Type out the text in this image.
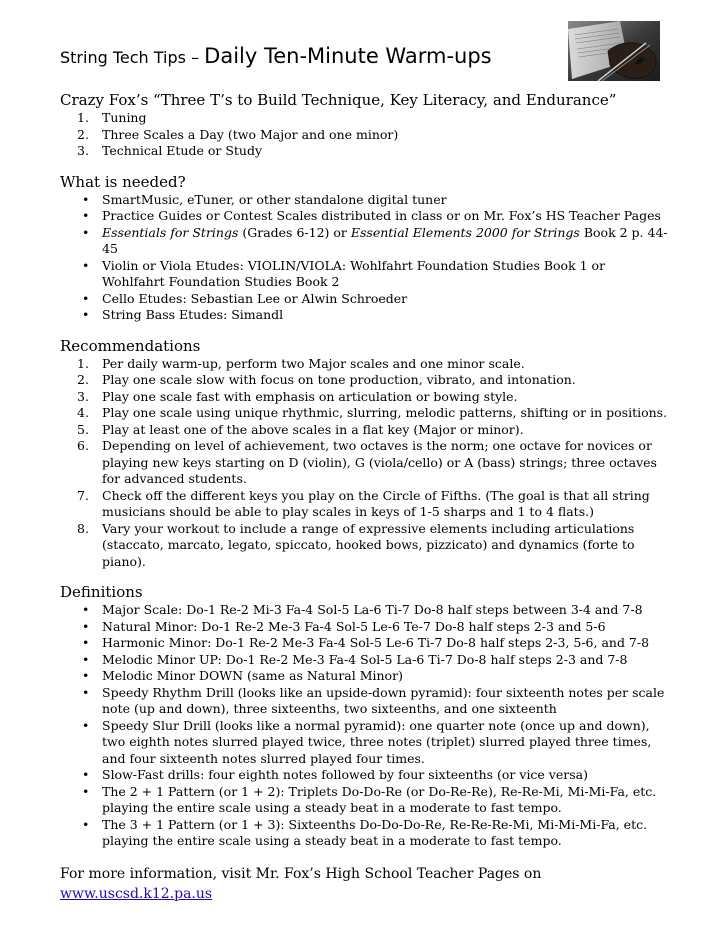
String Tech Tips – Daily Ten-Minute Warm-ups

Crazy Fox’s “Three T’s to Build Technique, Key Literacy, and Endurance”

1.	Tuning
2.	Three Scales a Day (two Major and one minor)
3.	Technical Etude or Study

What is needed?

• SmartMusic, eTuner, or other standalone digital tuner
• Practice Guides or Contest Scales distributed in class or on Mr. Fox’s HS Teacher Pages
• Essentials for Strings (Grades 6-12) or Essential Elements 2000 for Strings Book 2 p. 44-45
• Violin or Viola Etudes: VIOLIN/VIOLA: Wohlfahrt Foundation Studies Book 1 or Wohlfahrt Foundation Studies Book 2
• Cello Etudes: Sebastian Lee or Alwin Schroeder
• String Bass Etudes: Simandl

Recommendations

1.	Per daily warm-up, perform two Major scales and one minor scale.
2.	Play one scale slow with focus on tone production, vibrato, and intonation.
3.	Play one scale fast with emphasis on articulation or bowing style.
4.	Play one scale using unique rhythmic, slurring, melodic patterns, shifting or in positions.
5.	Play at least one of the above scales in a flat key (Major or minor).
6.	Depending on level of achievement, two octaves is the norm; one octave for novices or playing new keys starting on D (violin), G (viola/cello) or A (bass) strings; three octaves for advanced students.
7.	Check off the different keys you play on the Circle of Fifths. (The goal is that all string musicians should be able to play scales in keys of 1-5 sharps and 1 to 4 flats.)
8.	Vary your workout to include a range of expressive elements including articulations (staccato, marcato, legato, spiccato, hooked bows, pizzicato) and dynamics (forte to piano).

Definitions

• Major Scale: Do-1 Re-2 Mi-3 Fa-4 Sol-5 La-6 Ti-7 Do-8 half steps between 3-4 and 7-8
• Natural Minor: Do-1 Re-2 Me-3 Fa-4 Sol-5 Le-6 Te-7 Do-8 half steps 2-3 and 5-6
• Harmonic Minor: Do-1 Re-2 Me-3 Fa-4 Sol-5 Le-6 Ti-7 Do-8 half steps 2-3, 5-6, and 7-8
• Melodic Minor UP: Do-1 Re-2 Me-3 Fa-4 Sol-5 La-6 Ti-7 Do-8 half steps 2-3 and 7-8
• Melodic Minor DOWN (same as Natural Minor)
• Speedy Rhythm Drill (looks like an upside-down pyramid): four sixteenth notes per scale note (up and down), three sixteenths, two sixteenths, and one sixteenth
• Speedy Slur Drill (looks like a normal pyramid): one quarter note (once up and down), two eighth notes slurred played twice, three notes (triplet) slurred played three times, and four sixteenth notes slurred played four times.
• Slow-Fast drills: four eighth notes followed by four sixteenths (or vice versa)
• The 2 + 1 Pattern (or 1 + 2): Triplets Do-Do-Re (or Do-Re-Re), Re-Re-Mi, Mi-Mi-Fa, etc. playing the entire scale using a steady beat in a moderate to fast tempo.
• The 3 + 1 Pattern (or 1 + 3): Sixteenths Do-Do-Do-Re, Re-Re-Re-Mi, Mi-Mi-Mi-Fa, etc. playing the entire scale using a steady beat in a moderate to fast tempo.

For more information, visit Mr. Fox’s High School Teacher Pages on www.uscsd.k12.pa.us
